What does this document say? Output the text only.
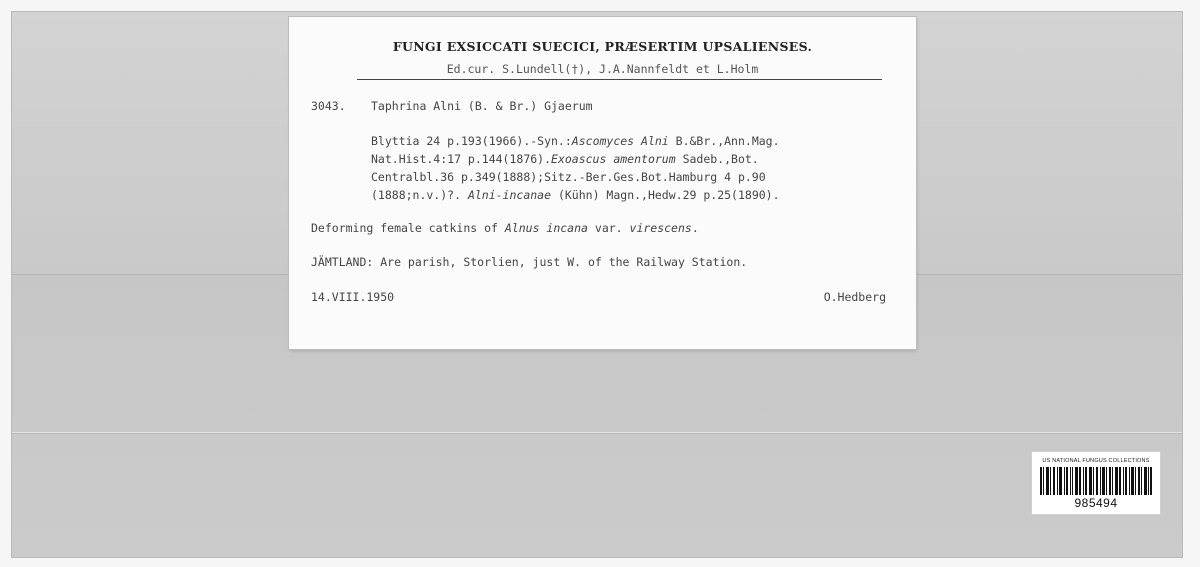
FUNGI EXSICCATI SUECICI, PRÆSERTIM UPSALIENSES.
Ed.cur. S.Lundell(†), J.A.Nannfeldt et L.Holm
3043. Taphrina Alni (B. & Br.) Gjaerum
Blyttia 24 p.193(1966).-Syn.:Ascomyces Alni B.&Br.,Ann.Mag.
Nat.Hist.4:17 p.144(1876).Exoascus amentorum Sadeb.,Bot.
Centralbl.36 p.349(1888);Sitz.-Ber.Ges.Bot.Hamburg 4 p.90
(1888;n.v.)?. Alni-incanae (Kühn) Magn.,Hedw.29 p.25(1890).
Deforming female catkins of Alnus incana var. virescens.
JÄMTLAND: Are parish, Storlien, just W. of the Railway Station.
14.VIII.1950	O.Hedberg
US NATIONAL FUNGUS COLLECTIONS
985494
